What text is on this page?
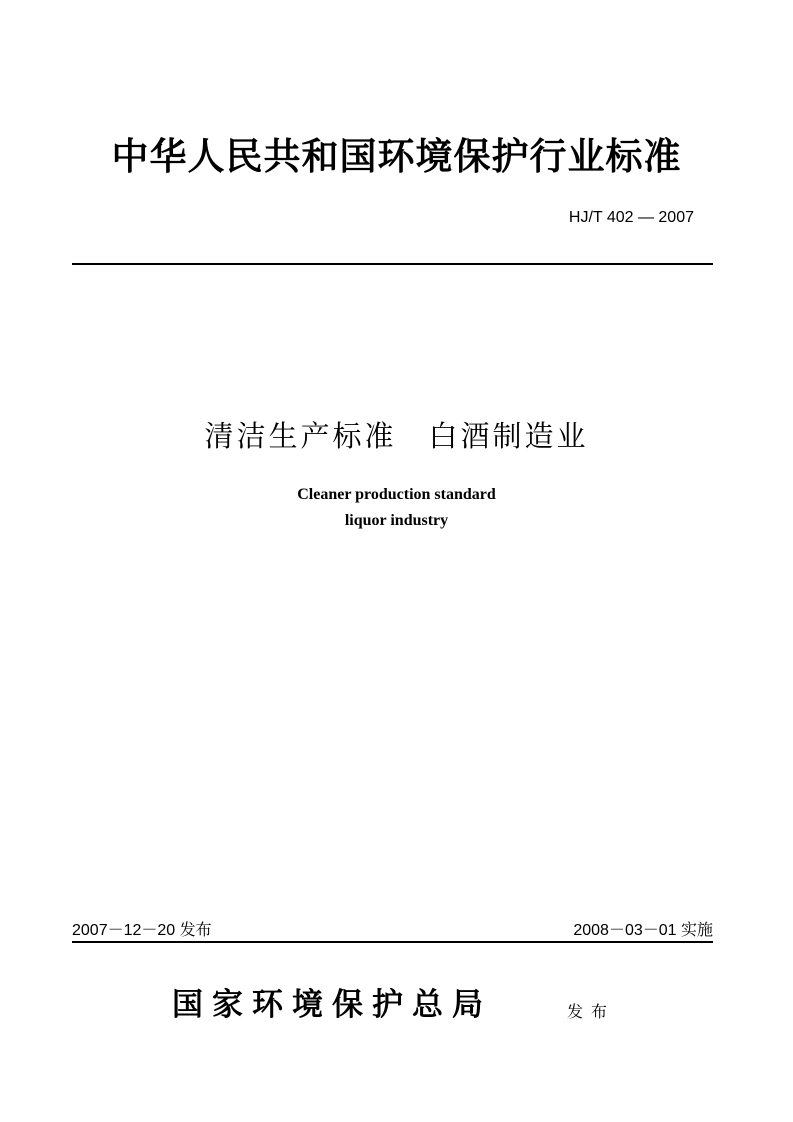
中华人民共和国环境保护行业标准
HJ/T 402 — 2007
清洁生产标准　白酒制造业
Cleaner production standard
liquor industry
2007－12－20 发布	2008－03－01 实施
国家环境保护总局	发布
